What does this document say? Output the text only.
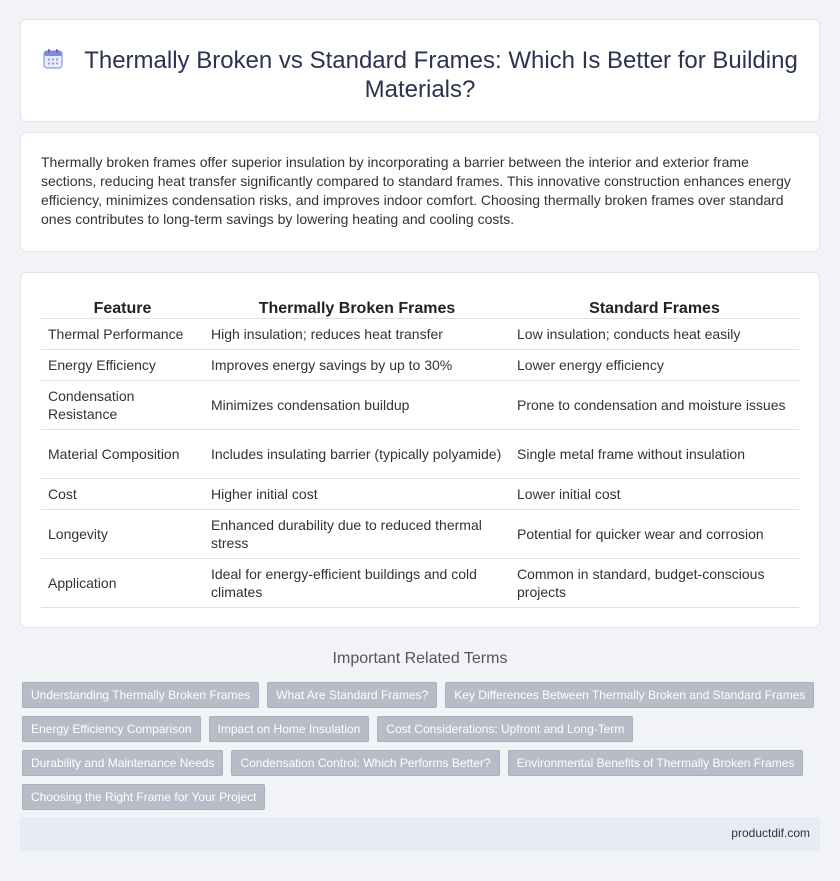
Thermally Broken vs Standard Frames: Which Is Better for Building Materials?

Thermally broken frames offer superior insulation by incorporating a barrier between the interior and exterior frame sections, reducing heat transfer significantly compared to standard frames. This innovative construction enhances energy efficiency, minimizes condensation risks, and improves indoor comfort. Choosing thermally broken frames over standard ones contributes to long-term savings by lowering heating and cooling costs.

Feature	Thermally Broken Frames	Standard Frames
Thermal Performance	High insulation; reduces heat transfer	Low insulation; conducts heat easily
Energy Efficiency	Improves energy savings by up to 30%	Lower energy efficiency
Condensation Resistance	Minimizes condensation buildup	Prone to condensation and moisture issues
Material Composition	Includes insulating barrier (typically polyamide)	Single metal frame without insulation
Cost	Higher initial cost	Lower initial cost
Longevity	Enhanced durability due to reduced thermal stress	Potential for quicker wear and corrosion
Application	Ideal for energy-efficient buildings and cold climates	Common in standard, budget-conscious projects
Important Related Terms
Understanding Thermally Broken Frames	What Are Standard Frames?	Key Differences Between Thermally Broken and Standard Frames
Energy Efficiency Comparison	Impact on Home Insulation	Cost Considerations: Upfront and Long-Term
Durability and Maintenance Needs	Condensation Control: Which Performs Better?	Environmental Benefits of Thermally Broken Frames
Choosing the Right Frame for Your Project
productdif.com
